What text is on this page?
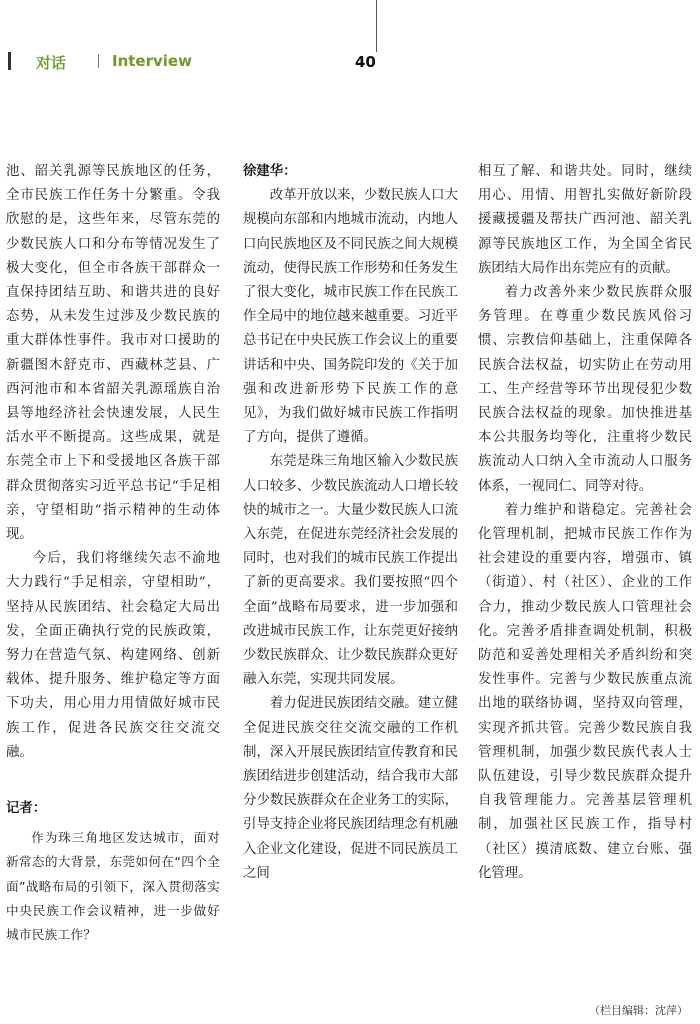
对话	Interview	40

池、韶关乳源等民族地区的任务，全市民族工作任务十分繁重。令我欣慰的是，这些年来，尽管东莞的少数民族人口和分布等情况发生了极大变化，但全市各族干部群众一直保持团结互助、和谐共进的良好态势，从未发生过涉及少数民族的重大群体性事件。我市对口援助的新疆图木舒克市、西藏林芝县、广西河池市和本省韶关乳源瑶族自治县等地经济社会快速发展，人民生活水平不断提高。这些成果，就是东莞全市上下和受援地区各族干部群众贯彻落实习近平总书记“手足相亲，守望相助”指示精神的生动体现。

今后，我们将继续矢志不渝地大力践行“手足相亲，守望相助”，坚持从民族团结、社会稳定大局出发，全面正确执行党的民族政策，努力在营造气氛、构建网络、创新载体、提升服务、维护稳定等方面下功夫，用心用力用情做好城市民族工作，促进各民族交往交流交融。

记者：

作为珠三角地区发达城市，面对新常态的大背景，东莞如何在“四个全面”战略布局的引领下，深入贯彻落实中央民族工作会议精神，进一步做好城市民族工作？

徐建华：

改革开放以来，少数民族人口大规模向东部和内地城市流动，内地人口向民族地区及不同民族之间大规模流动，使得民族工作形势和任务发生了很大变化，城市民族工作在民族工作全局中的地位越来越重要。习近平总书记在中央民族工作会议上的重要讲话和中央、国务院印发的《关于加强和改进新形势下民族工作的意见》，为我们做好城市民族工作指明了方向，提供了遵循。

东莞是珠三角地区输入少数民族人口较多、少数民族流动人口增长较快的城市之一。大量少数民族人口流入东莞，在促进东莞经济社会发展的同时，也对我们的城市民族工作提出了新的更高要求。我们要按照“四个全面”战略布局要求，进一步加强和改进城市民族工作，让东莞更好接纳少数民族群众、让少数民族群众更好融入东莞，实现共同发展。

着力促进民族团结交融。建立健全促进民族交往交流交融的工作机制，深入开展民族团结宣传教育和民族团结进步创建活动，结合我市大部分少数民族群众在企业务工的实际，引导支持企业将民族团结理念有机融入企业文化建设，促进不同民族员工之间

相互了解、和谐共处。同时，继续用心、用情、用智扎实做好新阶段援藏援疆及帮扶广西河池、韶关乳源等民族地区工作，为全国全省民族团结大局作出东莞应有的贡献。

着力改善外来少数民族群众服务管理。在尊重少数民族风俗习惯、宗教信仰基础上，注重保障各民族合法权益，切实防止在劳动用工、生产经营等环节出现侵犯少数民族合法权益的现象。加快推进基本公共服务均等化，注重将少数民族流动人口纳入全市流动人口服务体系，一视同仁、同等对待。

着力维护和谐稳定。完善社会化管理机制，把城市民族工作作为社会建设的重要内容，增强市、镇（街道）、村（社区）、企业的工作合力，推动少数民族人口管理社会化。完善矛盾排查调处机制，积极防范和妥善处理相关矛盾纠纷和突发性事件。完善与少数民族重点流出地的联络协调，坚持双向管理，实现齐抓共管。完善少数民族自我管理机制，加强少数民族代表人士队伍建设，引导少数民族群众提升自我管理能力。完善基层管理机制，加强社区民族工作，指导村（社区）摸清底数、建立台账、强化管理。

（栏目编辑：沈萍）
